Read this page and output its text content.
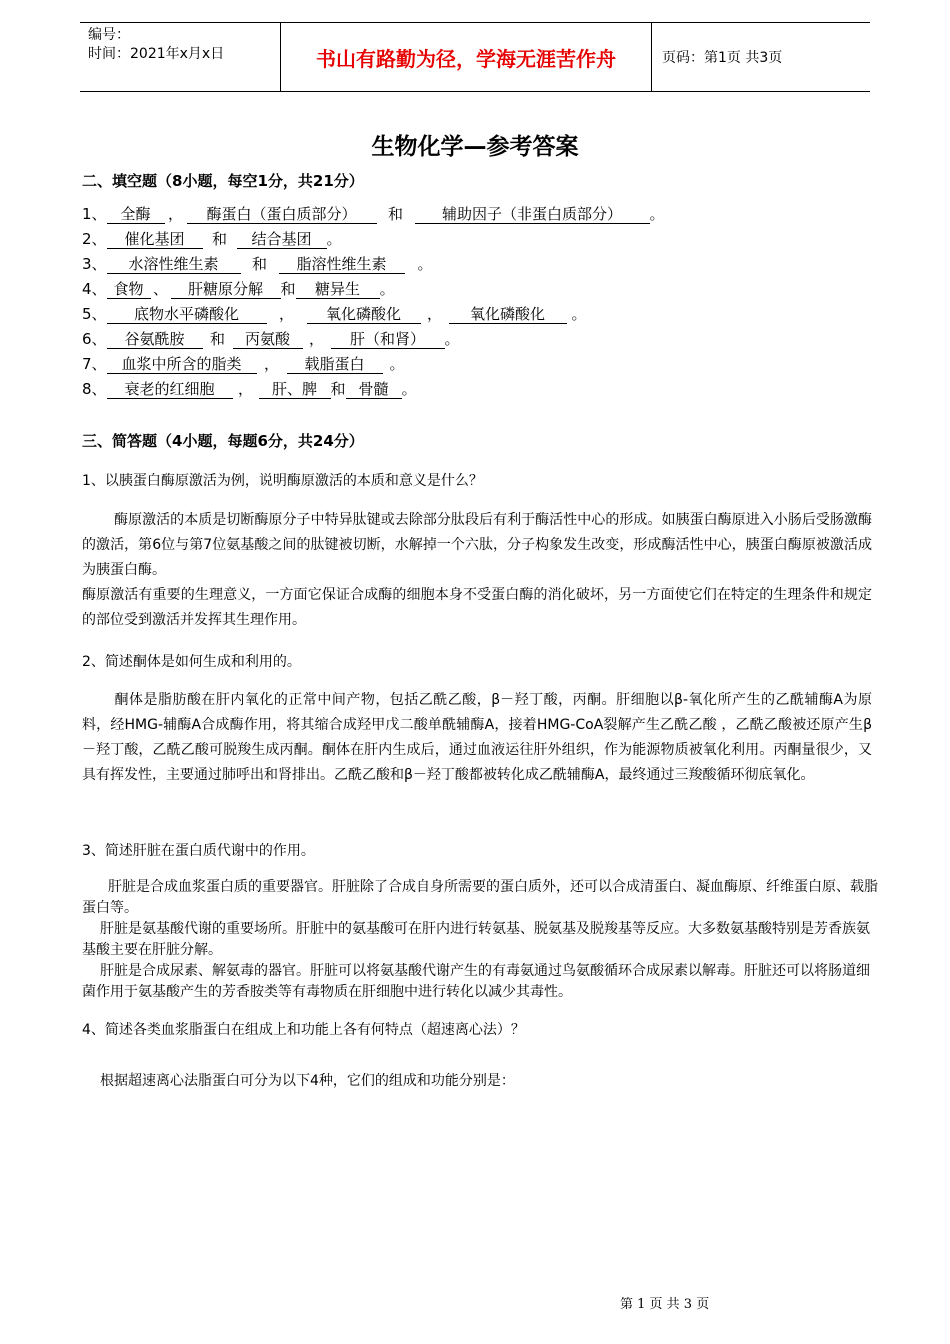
编号：
时间：2021年x月x日	书山有路勤为径，学海无涯苦作舟	页码：第1页 共3页
生物化学—参考答案
二、填空题（8小题，每空1分，共21分）
1、 全酶 ， 酶蛋白（蛋白质部分） 和	辅助因子（非蛋白质部分） 。
2、 催化基团 和 结合基团 。
3、 水溶性维生素 和 脂溶性维生素 。
4、 食物 、 肝糖原分解 和 糖异生 。
5、 底物水平磷酸化	， 氧化磷酸化 ， 氧化磷酸化 。
6、 谷氨酰胺 和 丙氨酸 ， 肝（和肾） 。
7、 血浆中所含的脂类 ， 载脂蛋白 。
8、 衰老的红细胞 ， 肝、脾 和 骨髓 。
三、简答题（4小题，每题6分，共24分）
1、以胰蛋白酶原激活为例，说明酶原激活的本质和意义是什么？
酶原激活的本质是切断酶原分子中特异肽键或去除部分肽段后有利于酶活性中心的形成。如胰蛋白酶原进入小肠后受肠激酶的激活，第6位与第7位氨基酸之间的肽键被切断，水解掉一个六肽，分子构象发生改变，形成酶活性中心，胰蛋白酶原被激活成为胰蛋白酶。
酶原激活有重要的生理意义，一方面它保证合成酶的细胞本身不受蛋白酶的消化破坏，另一方面使它们在特定的生理条件和规定的部位受到激活并发挥其生理作用。
2、简述酮体是如何生成和利用的。
酮体是脂肪酸在肝内氧化的正常中间产物，包括乙酰乙酸，β－羟丁酸，丙酮。肝细胞以β-氧化所产生的乙酰辅酶A为原料，经HMG-辅酶A合成酶作用，将其缩合成羟甲戊二酸单酰辅酶A，接着HMG-CoA裂解产生乙酰乙酸 ，乙酰乙酸被还原产生β－羟丁酸，乙酰乙酸可脱羧生成丙酮。酮体在肝内生成后，通过血液运往肝外组织，作为能源物质被氧化利用。丙酮量很少，又具有挥发性，主要通过肺呼出和肾排出。乙酰乙酸和β－羟丁酸都被转化成乙酰辅酶A，最终通过三羧酸循环彻底氧化。
3、简述肝脏在蛋白质代谢中的作用。
肝脏是合成血浆蛋白质的重要器官。肝脏除了合成自身所需要的蛋白质外，还可以合成清蛋白、凝血酶原、纤维蛋白原、载脂蛋白等。
肝脏是氨基酸代谢的重要场所。肝脏中的氨基酸可在肝内进行转氨基、脱氨基及脱羧基等反应。大多数氨基酸特别是芳香族氨基酸主要在肝脏分解。
肝脏是合成尿素、解氨毒的器官。肝脏可以将氨基酸代谢产生的有毒氨通过鸟氨酸循环合成尿素以解毒。肝脏还可以将肠道细菌作用于氨基酸产生的芳香胺类等有毒物质在肝细胞中进行转化以减少其毒性。
4、简述各类血浆脂蛋白在组成上和功能上各有何特点（超速离心法）？
根据超速离心法脂蛋白可分为以下4种，它们的组成和功能分别是：
第 1 页 共 3 页
